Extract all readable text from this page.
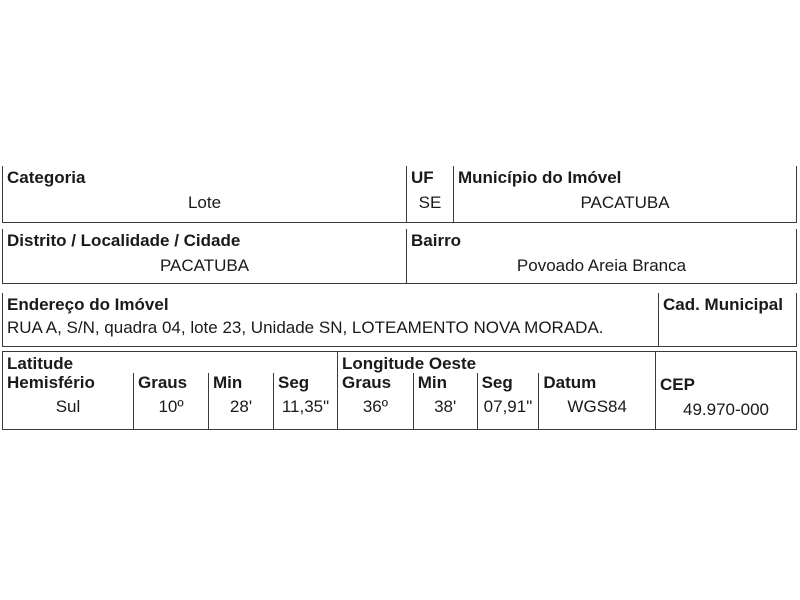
Categoria
Lote
UF
SE
Município do Imóvel
PACATUBA
Distrito / Localidade / Cidade
PACATUBA
Bairro
Povoado Areia Branca
Endereço do Imóvel
RUA A, S/N, quadra 04, lote 23, Unidade SN, LOTEAMENTO NOVA MORADA.
Cad. Municipal
Latitude
Hemisfério
Sul
Graus
10º
Min
28'
Seg
11,35"
Longitude Oeste
Graus
36º
Min
38'
Seg
07,91"
Datum
WGS84
CEP
49.970-000
